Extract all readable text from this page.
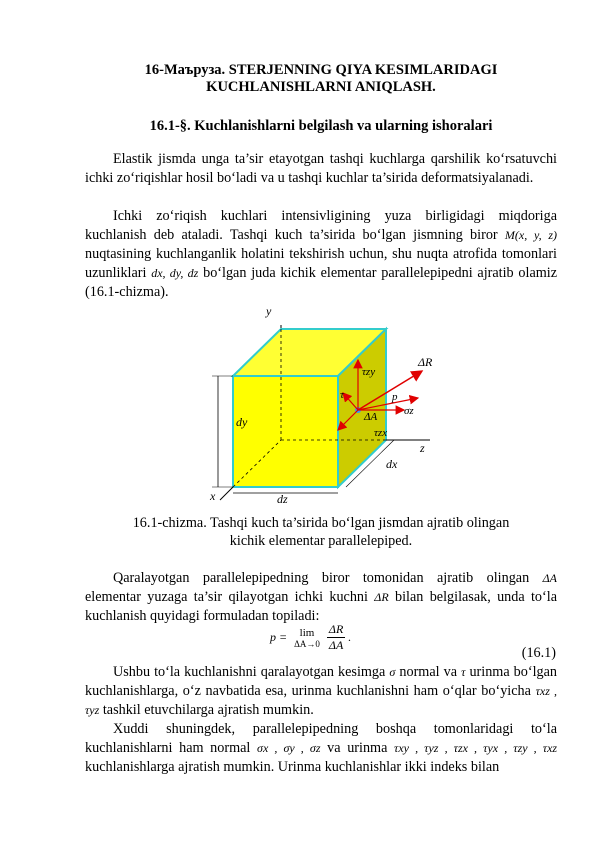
16-Маъруза. STERJENNING QIYA KESIMLARIDAGI
KUCHLANISHLARNI ANIQLASH.
16.1-§. Kuchlanishlarni belgilash va ularning ishoralari
Elastik jismda unga ta’sir etayotgan tashqi kuchlarga qarshilik ko‘rsatuvchi ichki zo‘riqishlar hosil bo‘ladi va u tashqi kuchlar ta’sirida deformatsiyalanadi.
Ichki zo‘riqish kuchlari intensivligining yuza birligidagi miqdoriga kuchlanish deb ataladi. Tashqi kuch ta’sirida bo‘lgan jismning biror M(x, y, z) nuqtasining kuchlanganlik holatini tekshirish uchun, shu nuqta atrofida tomonlari uzunliklari dx, dy, dz bo‘lgan juda kichik elementar parallelepipedni ajratib olamiz (16.1-chizma).
y
z
x
dy
dz
dx
ΔR
τzy
τ	p
σz
ΔA
τzx
16.1-chizma. Tashqi kuch ta’sirida bo‘lgan jismdan ajratib olingan
kichik elementar parallelepiped.
Qaralayotgan parallelepipedning biror tomonidan ajratib olingan ΔA elementar yuzaga ta’sir qilayotgan ichki kuchni ΔR bilan belgilasak, unda to‘la kuchlanish quyidagi formuladan topiladi:
p =	lim
ΔA→0
$\frac{\Delta R}{\Delta A}$ .
(16.1)
Ushbu to‘la kuchlanishni qaralayotgan kesimga σ normal va τ urinma bo‘lgan kuchlanishlarga, o‘z navbatida esa, urinma kuchlanishni ham o‘qlar bo‘yicha τxz , τyz tashkil etuvchilarga ajratish mumkin.
Xuddi shuningdek, parallelepipedning boshqa tomonlaridagi to‘la kuchlanishlarni ham normal σx , σy , σz va urinma τxy , τyz , τzx , τyx , τzy , τxz kuchlanishlarga ajratish mumkin. Urinma kuchlanishlar ikki indeks bilan
